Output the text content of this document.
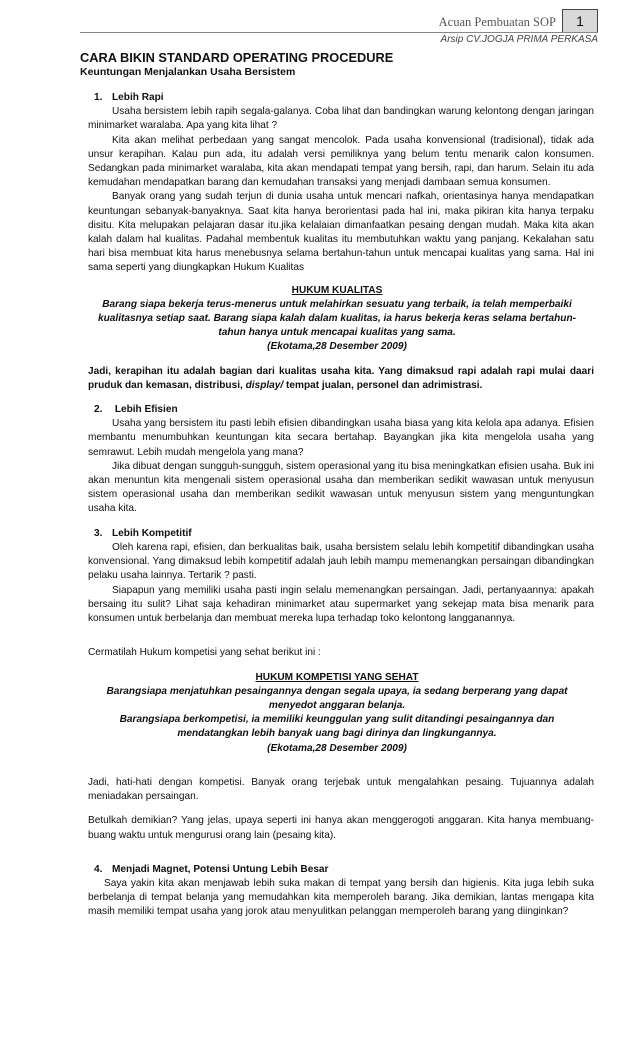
Acuan Pembuatan SOP	1
Arsip CV.JOGJA PRIMA PERKASA
CARA BIKIN STANDARD OPERATING PROCEDURE
Keuntungan Menjalankan Usaha Bersistem
1. Lebih Rapi

Usaha bersistem lebih rapih segala-galanya. Coba lihat dan bandingkan warung kelontong dengan jaringan minimarket waralaba. Apa yang kita lihat ?

Kita akan melihat perbedaan yang sangat mencolok. Pada usaha konvensional (tradisional), tidak ada unsur kerapihan. Kalau pun ada, itu adalah versi pemiliknya yang belum tentu menarik calon konsumen. Sedangkan pada minimarket waralaba, kita akan mendapati tempat yang bersih, rapi, dan harum. Selain itu ada kemudahan mendapatkan barang dan kemudahan transaksi yang menjadi dambaan semua konsumen.

Banyak orang yang sudah terjun di dunia usaha untuk mencari nafkah, orientasinya hanya mendapatkan keuntungan sebanyak-banyaknya. Saat kita hanya berorientasi pada hal ini, maka pikiran kita hanya terpaku disitu. Kita melupakan pelajaran dasar itu.jika kelalaian dimanfaatkan pesaing dengan mudah. Maka kita akan kalah dalam hal kualitas. Padahal membentuk kualitas itu membutuhkan waktu yang panjang. Kekalahan satu hari bisa membuat kita harus menebusnya selama bertahun-tahun untuk mencapai kualitas yang sama. Hal ini sama seperti yang diungkapkan Hukum Kualitas

HUKUM KUALITAS
Barang siapa bekerja terus-menerus untuk melahirkan sesuatu yang terbaik, ia telah memperbaiki kualitasnya setiap saat. Barang siapa kalah dalam kualitas, ia harus bekerja keras selama bertahun-tahun hanya untuk mencapai kualitas yang sama.
(Ekotama,28 Desember 2009)

Jadi, kerapihan itu adalah bagian dari kualitas usaha kita. Yang dimaksud rapi adalah rapi mulai daari pruduk dan kemasan, distribusi, display/ tempat jualan, personel dan adrimistrasi.

2. Lebih Efisien

Usaha yang bersistem itu pasti lebih efisien dibandingkan usaha biasa yang kita kelola apa adanya. Efisien membantu menumbuhkan keuntungan kita secara bertahap. Bayangkan jika kita mengelola usaha yang semrawut. Lebih mudah mengelola yang mana?

Jika dibuat dengan sungguh-sungguh, sistem operasional yang itu bisa meningkatkan efisien usaha. Buk ini akan menuntun kita mengenali sistem operasional usaha dan memberikan sedikit wawasan untuk menyusun sistem operasional usaha dan memberikan sedikit wawasan untuk menyusun sistem yang menguntungkan usaha kita.

3. Lebih Kompetitif

Oleh karena rapi, efisien, dan berkualitas baik, usaha bersistem selalu lebih kompetitif dibandingkan usaha konvensional. Yang dimaksud lebih kompetitif adalah jauh lebih mampu memenangkan persaingan dibandingkan pelaku usaha lainnya. Tertarik ? pasti.

Siapapun yang memiliki usaha pasti ingin selalu memenangkan persaingan. Jadi, pertanyaannya: apakah bersaing itu sulit? Lihat saja kehadiran minimarket atau supermarket yang sekejap mata bisa menarik para konsumen untuk berbelanja dan membuat mereka lupa terhadap toko kelontong langganannya.

Cermatilah Hukum kompetisi yang sehat berikut ini :

HUKUM KOMPETISI YANG SEHAT
Barangsiapa menjatuhkan pesaingannya dengan segala upaya, ia sedang berperang yang dapat menyedot anggaran belanja.
Barangsiapa berkompetisi, ia memiliki keunggulan yang sulit ditandingi pesaingannya dan mendatangkan lebih banyak uang bagi dirinya dan lingkungannya.
(Ekotama,28 Desember 2009)

Jadi, hati-hati dengan kompetisi. Banyak orang terjebak untuk mengalahkan pesaing. Tujuannya adalah meniadakan persaingan.

Betulkah demikian? Yang jelas, upaya seperti ini hanya akan menggerogoti anggaran. Kita hanya membuang-buang waktu untuk mengurusi orang lain (pesaing kita).

4. Menjadi Magnet, Potensi Untung Lebih Besar

Saya yakin kita akan menjawab lebih suka makan di tempat yang bersih dan higienis. Kita juga lebih suka berbelanja di tempat belanja yang memudahkan kita memperoleh barang. Jika demikian, lantas mengapa kita masih memiliki tempat usaha yang jorok atau menyulitkan pelanggan memperoleh barang yang diinginkan?
